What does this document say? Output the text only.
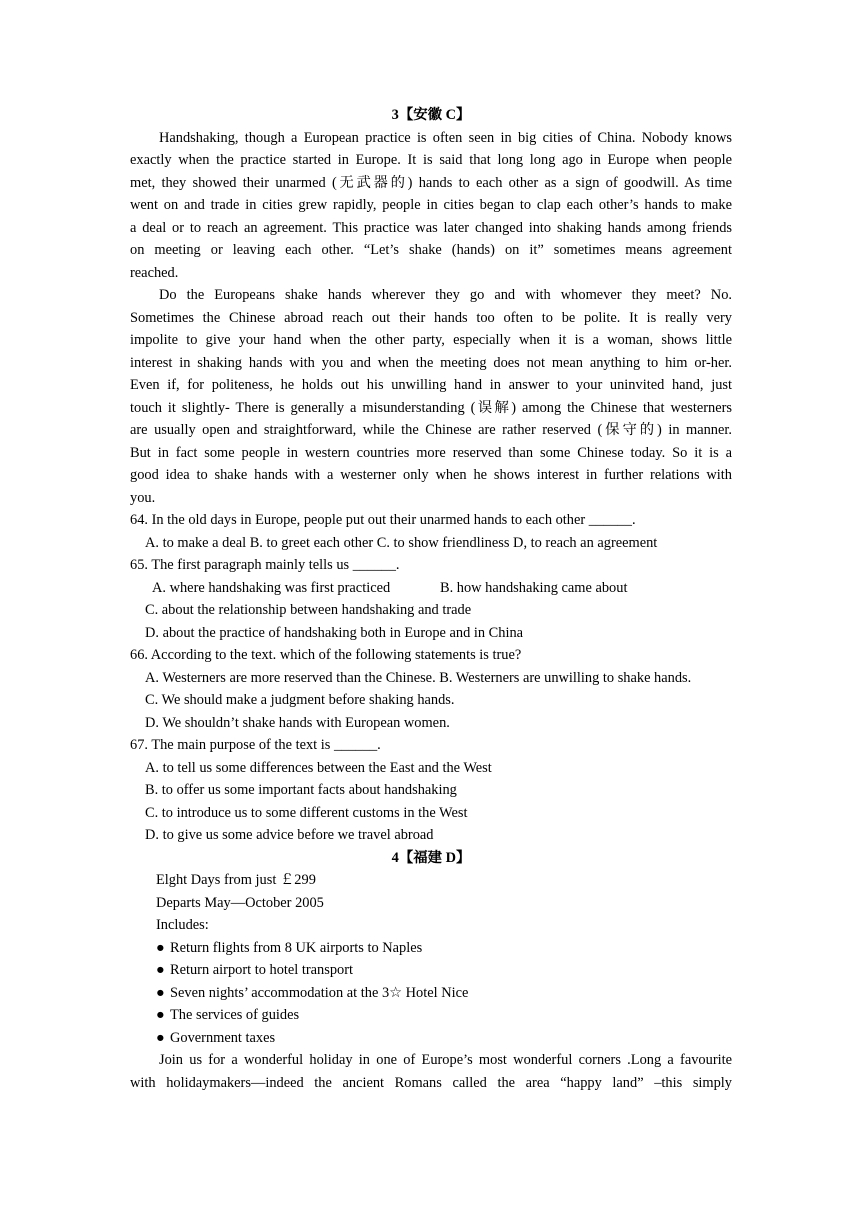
3【安徽 C】
Handshaking, though a European practice is often seen in big cities of China. Nobody knows
exactly when the practice started in Europe. It is said that long long ago in Europe when people
met, they showed their unarmed (无武器的) hands to each other as a sign of goodwill. As time
went on and trade in cities grew rapidly, people in cities began to clap each other’s hands to make
a deal or to reach an agreement. This practice was later changed into shaking hands among friends
on meeting or leaving each other. “Let’s shake (hands) on it” sometimes means agreement
reached.
Do the Europeans shake hands wherever they go and with whomever they meet? No.
Sometimes the Chinese abroad reach out their hands too often to be polite. It is really very
impolite to give your hand when the other party, especially when it is a woman, shows little
interest in shaking hands with you and when the meeting does not mean anything to him or-her.
Even if, for politeness, he holds out his unwilling hand in answer to your uninvited hand, just
touch it slightly- There is generally a misunderstanding (误解) among the Chinese that westerners
are usually open and straightforward, while the Chinese are rather reserved (保守的) in manner.
But in fact some people in western countries more reserved than some Chinese today. So it is a
good idea to shake hands with a westerner only when he shows interest in further relations with
you.
64. In the old days in Europe, people put out their unarmed hands to each other ______.
A. to make a deal B. to greet each other C. to show friendliness D, to reach an agreement
65. The first paragraph mainly tells us ______.
A. where handshaking was first practiced	B. how handshaking came about
C. about the relationship between handshaking and trade
D. about the practice of handshaking both in Europe and in China
66. According to the text. which of the following statements is true?
A. Westerners are more reserved than the Chinese. B. Westerners are unwilling to shake hands.
C. We should make a judgment before shaking hands.
D. We shouldn’t shake hands with European women.
67. The main purpose of the text is ______.
A. to tell us some differences between the East and the West
B. to offer us some important facts about handshaking
C. to introduce us to some different customs in the West
D. to give us some advice before we travel abroad
4【福建 D】
Elght Days from just ￡299
Departs May—October 2005
Includes:
● Return flights from 8 UK airports to Naples
● Return airport to hotel transport
● Seven nights’ accommodation at the 3☆ Hotel Nice
● The services of guides
● Government taxes
Join us for a wonderful holiday in one of Europe’s most wonderful corners .Long a favourite
with holidaymakers—indeed the ancient Romans called the area “happy land” –this simply
